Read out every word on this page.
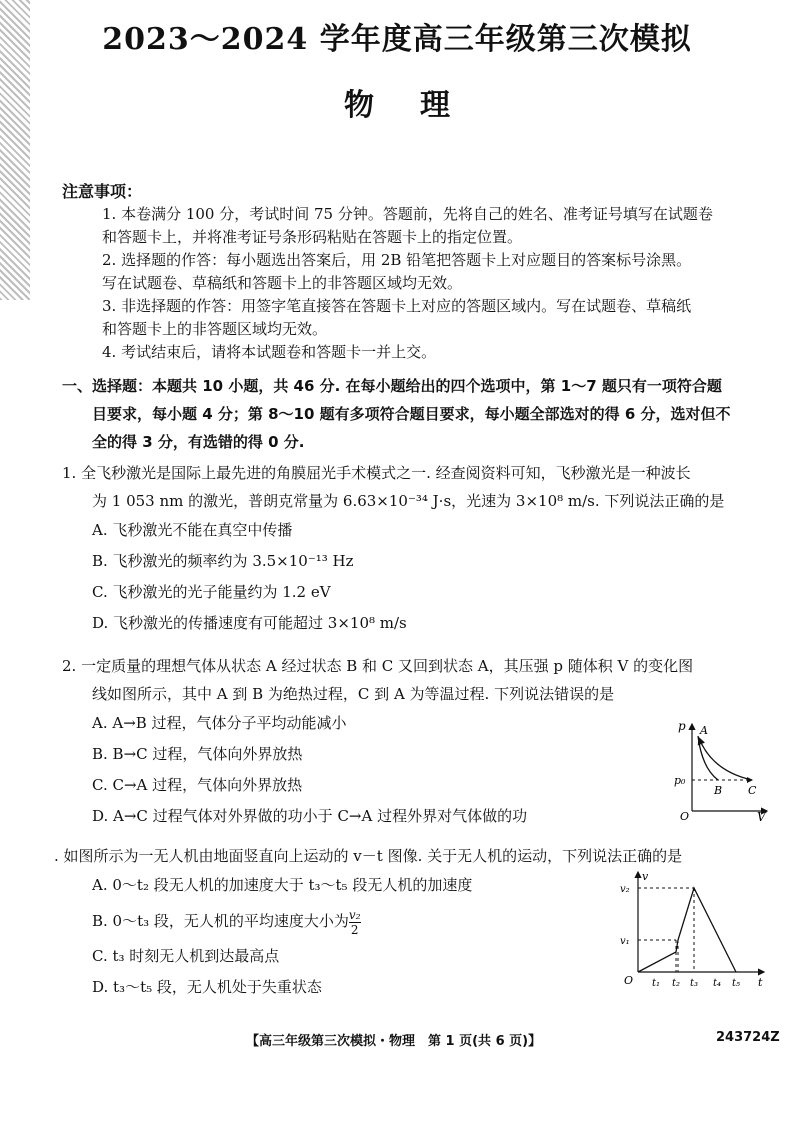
2023～2024 学年度高三年级第三次模拟
物理
注意事项：
1. 本卷满分 100 分，考试时间 75 分钟。答题前，先将自己的姓名、准考证号填写在试题卷
和答题卡上，并将准考证号条形码粘贴在答题卡上的指定位置。
2. 选择题的作答：每小题选出答案后，用 2B 铅笔把答题卡上对应题目的答案标号涂黑。
写在试题卷、草稿纸和答题卡上的非答题区域均无效。
3. 非选择题的作答：用签字笔直接答在答题卡上对应的答题区域内。写在试题卷、草稿纸
和答题卡上的非答题区域均无效。
4. 考试结束后，请将本试题卷和答题卡一并上交。
一、选择题：本题共 10 小题，共 46 分. 在每小题给出的四个选项中，第 1～7 题只有一项符合题
目要求，每小题 4 分；第 8～10 题有多项符合题目要求，每小题全部选对的得 6 分，选对但不
全的得 3 分，有选错的得 0 分.
1. 全飞秒激光是国际上最先进的角膜屈光手术模式之一. 经查阅资料可知，飞秒激光是一种波长
为 1 053 nm 的激光，普朗克常量为 6.63×10⁻³⁴ J·s，光速为 3×10⁸ m/s. 下列说法正确的是
A. 飞秒激光不能在真空中传播
B. 飞秒激光的频率约为 3.5×10⁻¹³ Hz
C. 飞秒激光的光子能量约为 1.2 eV
D. 飞秒激光的传播速度有可能超过 3×10⁸ m/s
2. 一定质量的理想气体从状态 A 经过状态 B 和 C 又回到状态 A，其压强 p 随体积 V 的变化图
线如图所示，其中 A 到 B 为绝热过程，C 到 A 为等温过程. 下列说法错误的是
A. A→B 过程，气体分子平均动能减小
B. B→C 过程，气体向外界放热
C. C→A 过程，气体向外界放热
D. A→C 过程气体对外界做的功小于 C→A 过程外界对气体做的功
p
V
O
p₀
A
B C
. 如图所示为一无人机由地面竖直向上运动的 v－t 图像. 关于无人机的运动，下列说法正确的是
A. 0～t₂ 段无人机的加速度大于 t₃～t₅ 段无人机的加速度
B. 0～t₃ 段，无人机的平均速度大小为 $\frac{\text{v₂}}{2}$
C. t₃ 时刻无人机到达最高点
D. t₃～t₅ 段，无人机处于失重状态
v
t
O
v₂
v₁
t₁ t₂ t₃ t₄ t₅
【高三年级第三次模拟・物理　第 1 页(共 6 页)】	243724Z
